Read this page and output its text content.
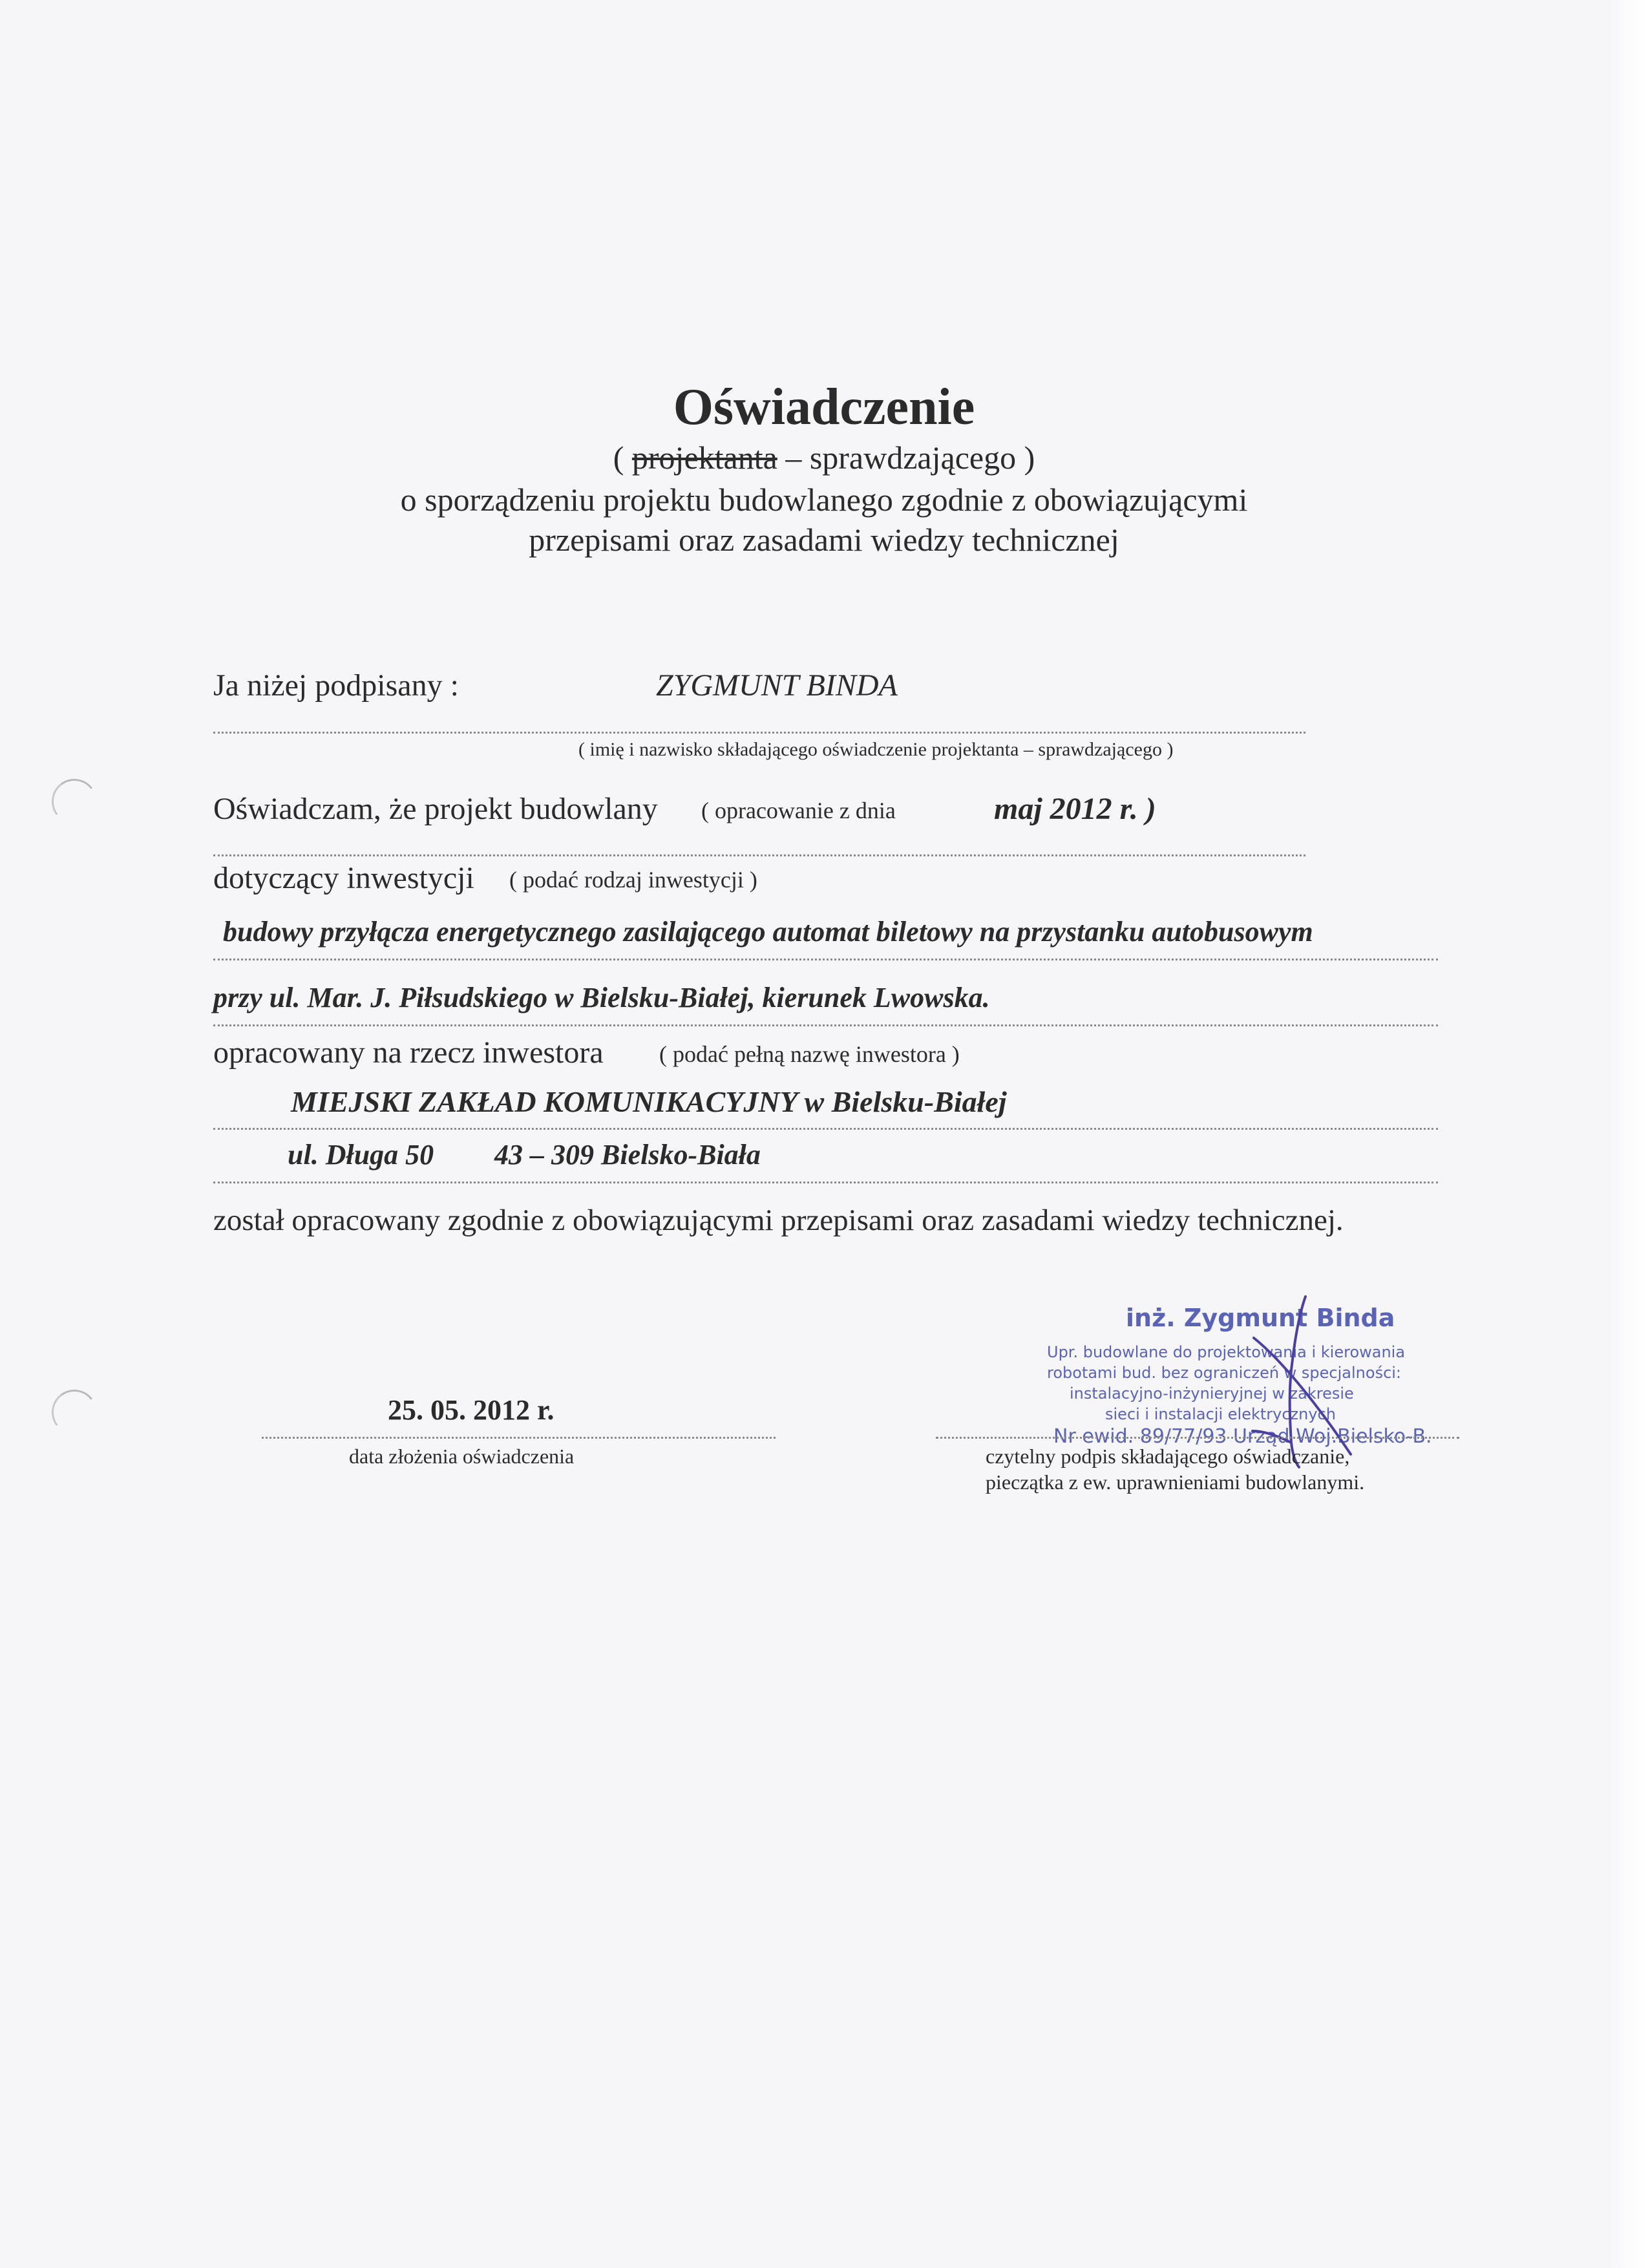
Oświadczenie
( projektanta – sprawdzającego )
o sporządzeniu projektu budowlanego zgodnie z obowiązującymi
przepisami oraz zasadami wiedzy technicznej
Ja niżej podpisany :	ZYGMUNT BINDA
( imię i nazwisko składającego oświadczenie projektanta – sprawdzającego )
Oświadczam, że projekt budowlany ( opracowanie z dnia	maj 2012 r. )
dotyczący inwestycji ( podać rodzaj inwestycji )
budowy przyłącza energetycznego zasilającego automat biletowy na przystanku autobusowym
przy ul. Mar. J. Piłsudskiego w Bielsku-Białej, kierunek Lwowska.
opracowany na rzecz inwestora ( podać pełną nazwę inwestora )
MIEJSKI ZAKŁAD KOMUNIKACYJNY w Bielsku-Białej
ul. Długa 50 43 – 309 Bielsko-Biała
został opracowany zgodnie z obowiązującymi przepisami oraz zasadami wiedzy technicznej.
inż. Zygmunt Binda
Upr. budowlane do projektowania i kierowania
robotami bud. bez ograniczeń w specjalności:
instalacyjno-inżynieryjnej w zakresie
sieci i instalacji elektrycznych
Nr ewid. 89/77/93 Urząd Woj.Bielsko-B.
25. 05. 2012 r.
data złożenia oświadczenia	czytelny podpis składającego oświadczanie,
pieczątka z ew. uprawnieniami budowlanymi.
